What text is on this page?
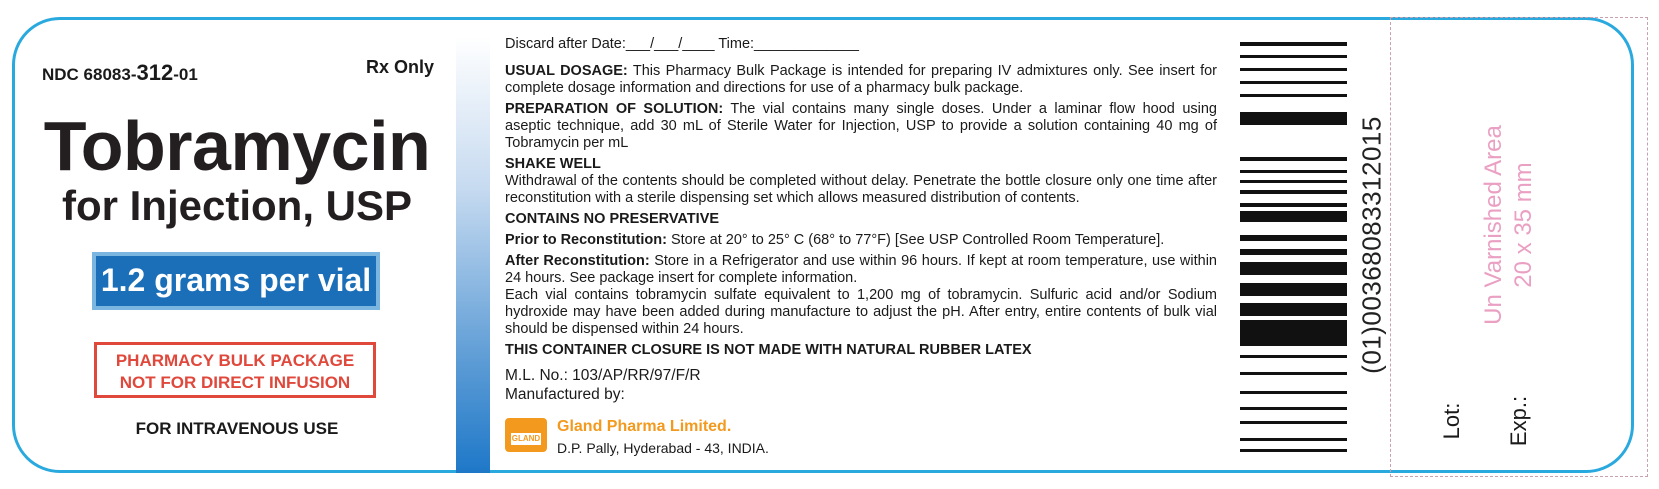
NDC 68083-312-01	Rx Only
Tobramycin
for Injection, USP
1.2 grams per vial
PHARMACY BULK PACKAGE
NOT FOR DIRECT INFUSION
FOR INTRAVENOUS USE

Discard after Date:___/___/____ Time:_____________

USUAL DOSAGE: This Pharmacy Bulk Package is intended for preparing IV admixtures only. See insert for complete dosage information and directions for use of a pharmacy bulk package.

PREPARATION OF SOLUTION: The vial contains many single doses. Under a laminar flow hood using aseptic technique, add 30 mL of Sterile Water for Injection, USP to provide a solution containing 40 mg of Tobramycin per mL

SHAKE WELL

Withdrawal of the contents should be completed without delay. Penetrate the bottle closure only one time after reconstitution with a sterile dispensing set which allows measured distribution of contents.

CONTAINS NO PRESERVATIVE

Prior to Reconstitution: Store at 20° to 25° C (68° to 77°F) [See USP Controlled Room Temperature].

After Reconstitution: Store in a Refrigerator and use within 96 hours. If kept at room temperature, use within 24 hours. See package insert for complete information.

Each vial contains tobramycin sulfate equivalent to 1,200 mg of tobramycin. Sulfuric acid and/or Sodium hydroxide may have been added during manufacture to adjust the pH. After entry, entire contents of bulk vial should be dispensed within 24 hours.

THIS CONTAINER CLOSURE IS NOT MADE WITH NATURAL RUBBER LATEX

M.L. No.: 103/AP/RR/97/F/R

Manufactured by:

GLAND
Gland Pharma Limited.
D.P. Pally, Hyderabad - 43, INDIA.
(01)00368083312015	Un Varnished Area 20 x 35 mm
Lot: Exp.:
